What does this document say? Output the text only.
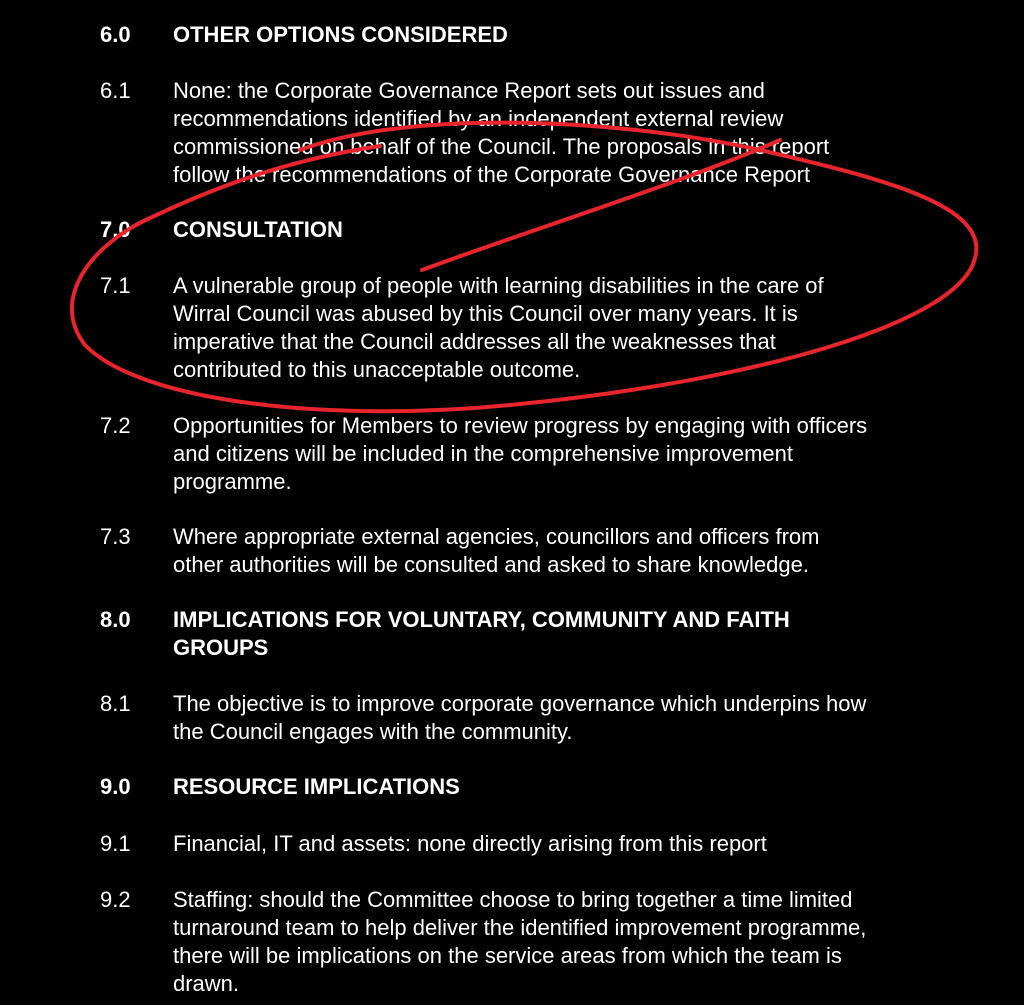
6.0 OTHER OPTIONS CONSIDERED
6.1 None: the Corporate Governance Report sets out issues and
recommendations identified by an independent external review
commissioned on behalf of the Council. The proposals in this report
follow the recommendations of the Corporate Governance Report
7.0 CONSULTATION
7.1 A vulnerable group of people with learning disabilities in the care of
Wirral Council was abused by this Council over many years. It is
imperative that the Council addresses all the weaknesses that
contributed to this unacceptable outcome.
7.2 Opportunities for Members to review progress by engaging with officers
and citizens will be included in the comprehensive improvement
programme.
7.3 Where appropriate external agencies, councillors and officers from
other authorities will be consulted and asked to share knowledge.
8.0 IMPLICATIONS FOR VOLUNTARY, COMMUNITY AND FAITH
GROUPS
8.1 The objective is to improve corporate governance which underpins how
the Council engages with the community.
9.0 RESOURCE IMPLICATIONS
9.1 Financial, IT and assets: none directly arising from this report
9.2 Staffing: should the Committee choose to bring together a time limited
turnaround team to help deliver the identified improvement programme,
there will be implications on the service areas from which the team is
drawn.
